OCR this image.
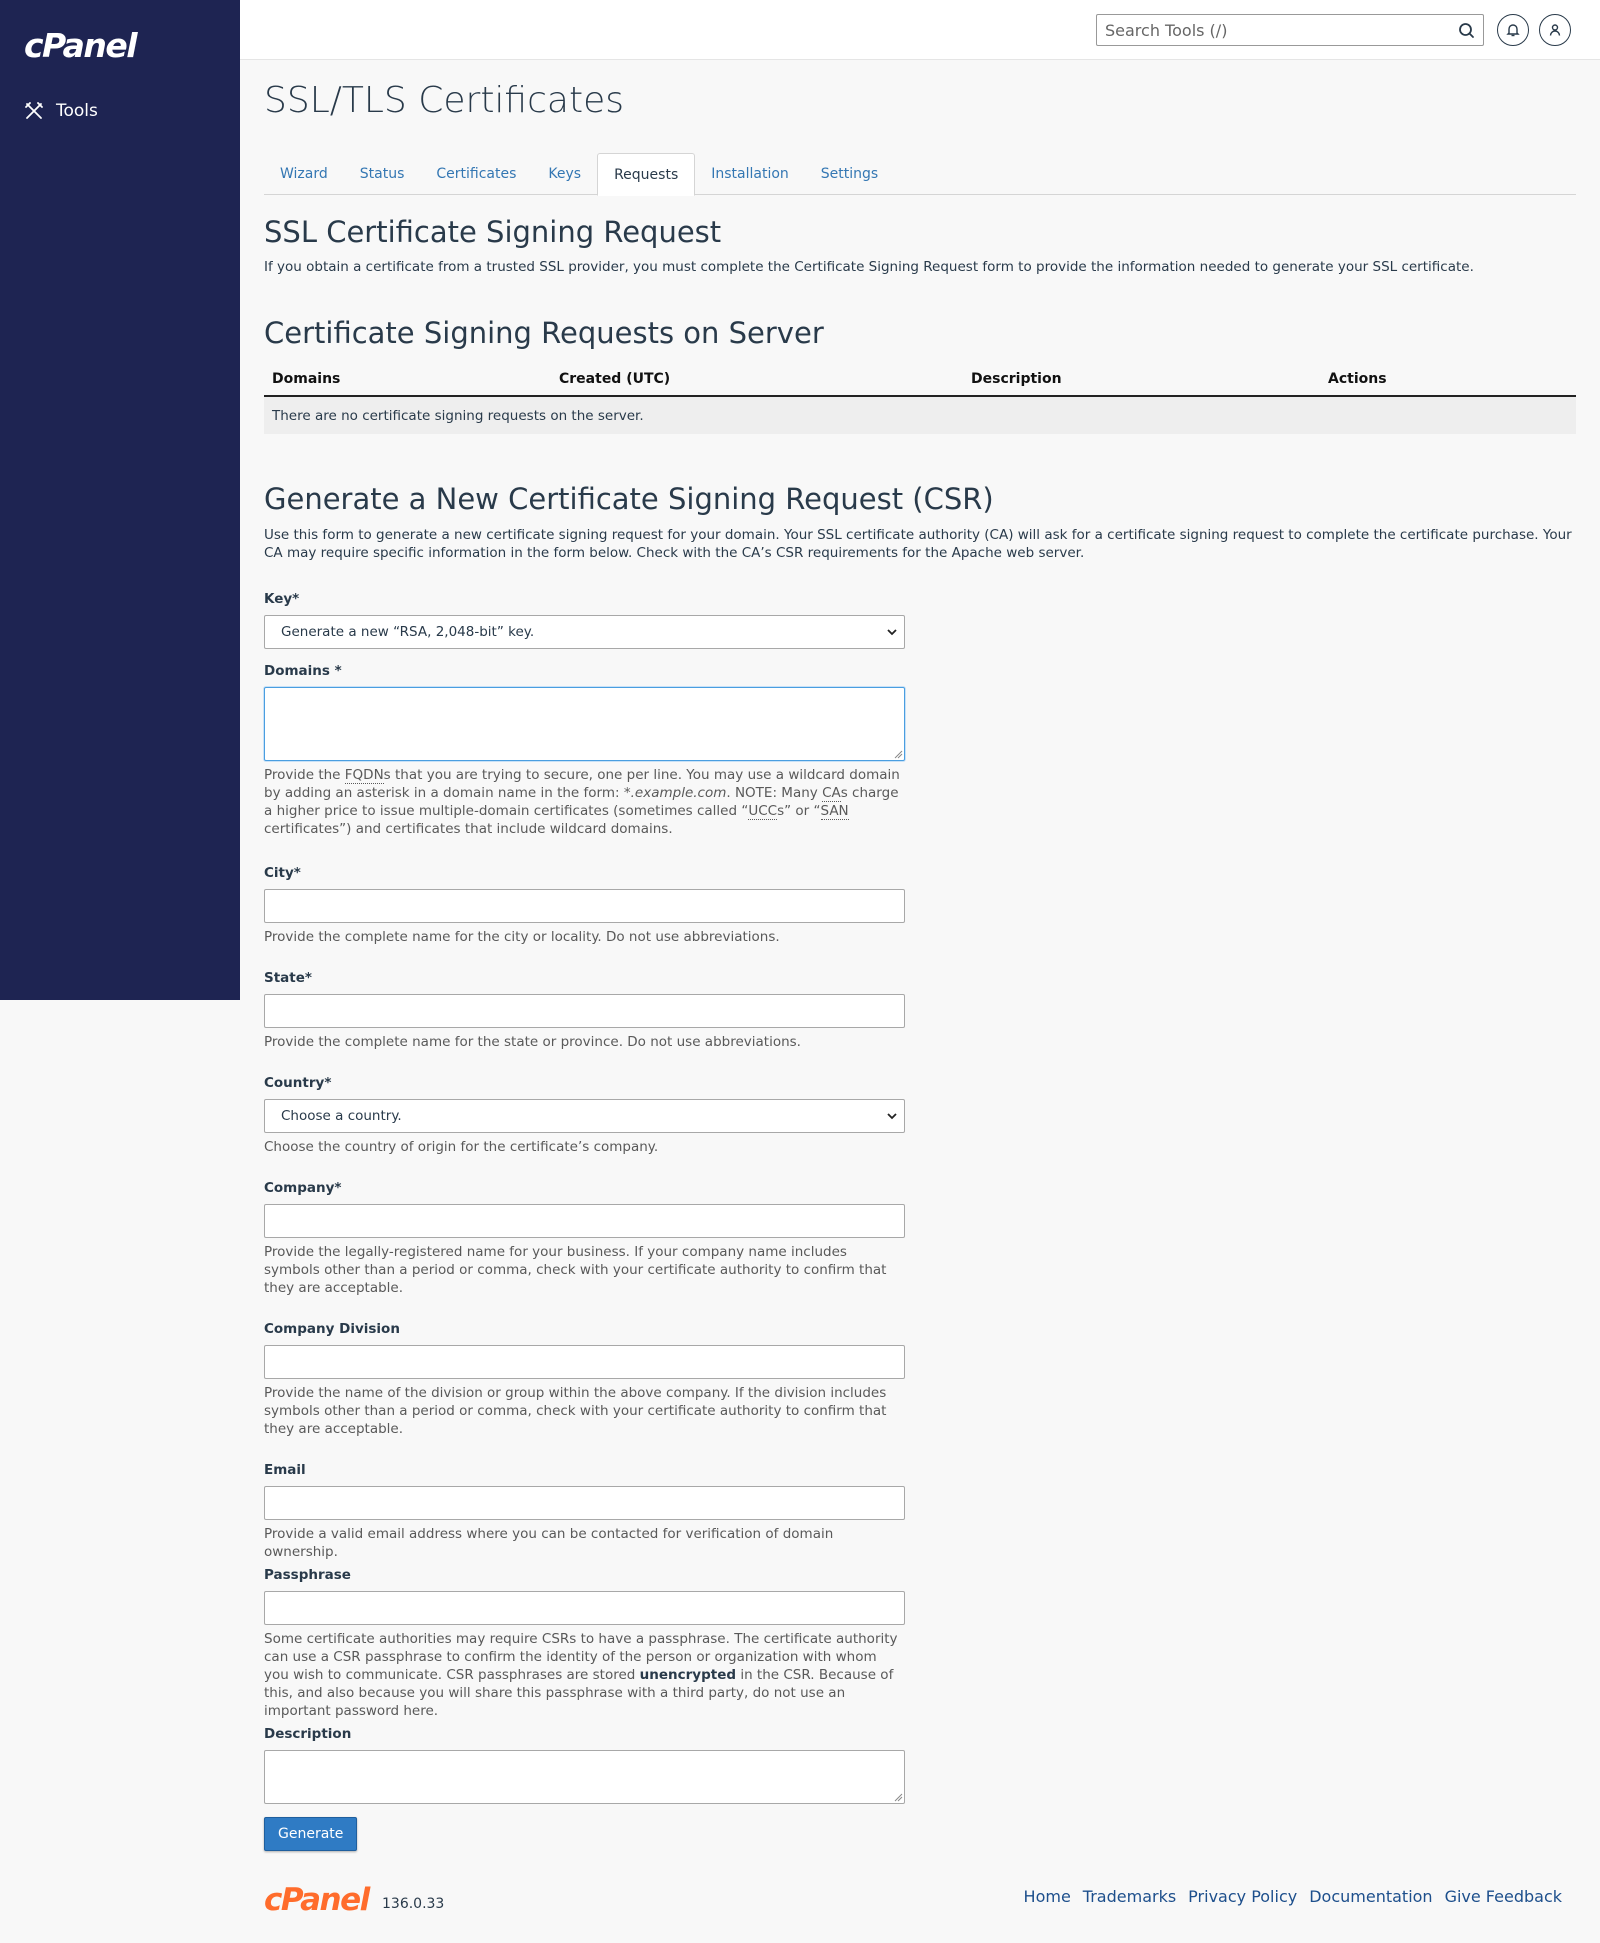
cPanel
Tools
Search Tools (/)	SSL/TLS Certificates
Wizard	Status	Certificates	Keys	Requests	Installation	Settings
SSL Certificate Signing Request

If you obtain a certificate from a trusted SSL provider, you must complete the Certificate Signing Request form to provide the information needed to generate your SSL certificate.

Certificate Signing Requests on Server
Domains	Created (UTC)	Description	Actions
There are no certificate signing requests on the server.
Generate a New Certificate Signing Request (CSR)

Use this form to generate a new certificate signing request for your domain. Your SSL certificate authority (CA) will ask for a certificate signing request to complete the certificate purchase. Your CA may require specific information in the form below. Check with the CA’s CSR requirements for the Apache web server.

Key*
Generate a new “RSA, 2,048-bit” key.
Domains *
Provide the FQDNs that you are trying to secure, one per line. You may use a wildcard domain by adding an asterisk in a domain name in the form: *.example.com. NOTE: Many CAs charge a higher price to issue multiple-domain certificates (sometimes called “UCCs” or “SAN certificates”) and certificates that include wildcard domains.
City*
Provide the complete name for the city or locality. Do not use abbreviations.
State*
Provide the complete name for the state or province. Do not use abbreviations.
Country*
Choose a country.
Choose the country of origin for the certificate’s company.
Company*
Provide the legally-registered name for your business. If your company name includes symbols other than a period or comma, check with your certificate authority to confirm that they are acceptable.
Company Division
Provide the name of the division or group within the above company. If the division includes symbols other than a period or comma, check with your certificate authority to confirm that they are acceptable.
Email
Provide a valid email address where you can be contacted for verification of domain ownership.
Passphrase
Some certificate authorities may require CSRs to have a passphrase. The certificate authority can use a CSR passphrase to confirm the identity of the person or organization with whom you wish to communicate. CSR passphrases are stored unencrypted in the CSR. Because of this, and also because you will share this passphrase with a third party, do not use an important password here.
Description
Generate
cPanel 136.0.33	Home Trademarks Privacy Policy Documentation Give Feedback
